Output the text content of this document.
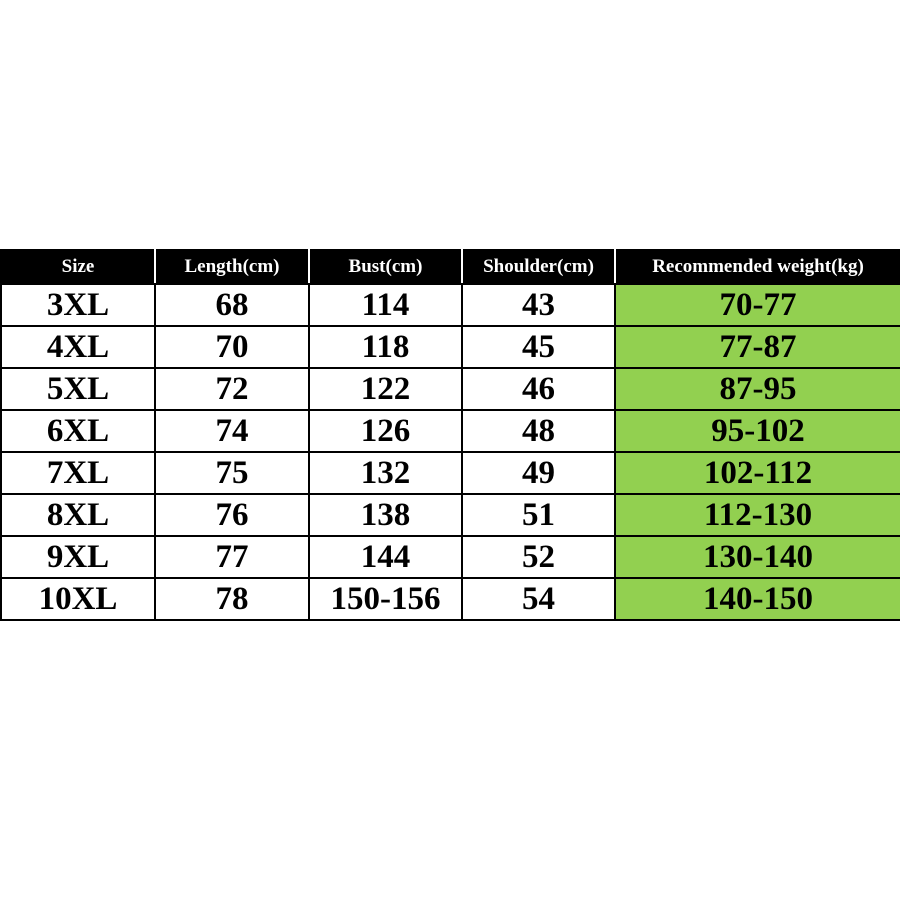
Size	Length(cm)	Bust(cm)	Shoulder(cm)	Recommended weight(kg)
3XL	68	114	43	70-77
4XL	70	118	45	77-87
5XL	72	122	46	87-95
6XL	74	126	48	95-102
7XL	75	132	49	102-112
8XL	76	138	51	112-130
9XL	77	144	52	130-140
10XL	78	150-156	54	140-150
